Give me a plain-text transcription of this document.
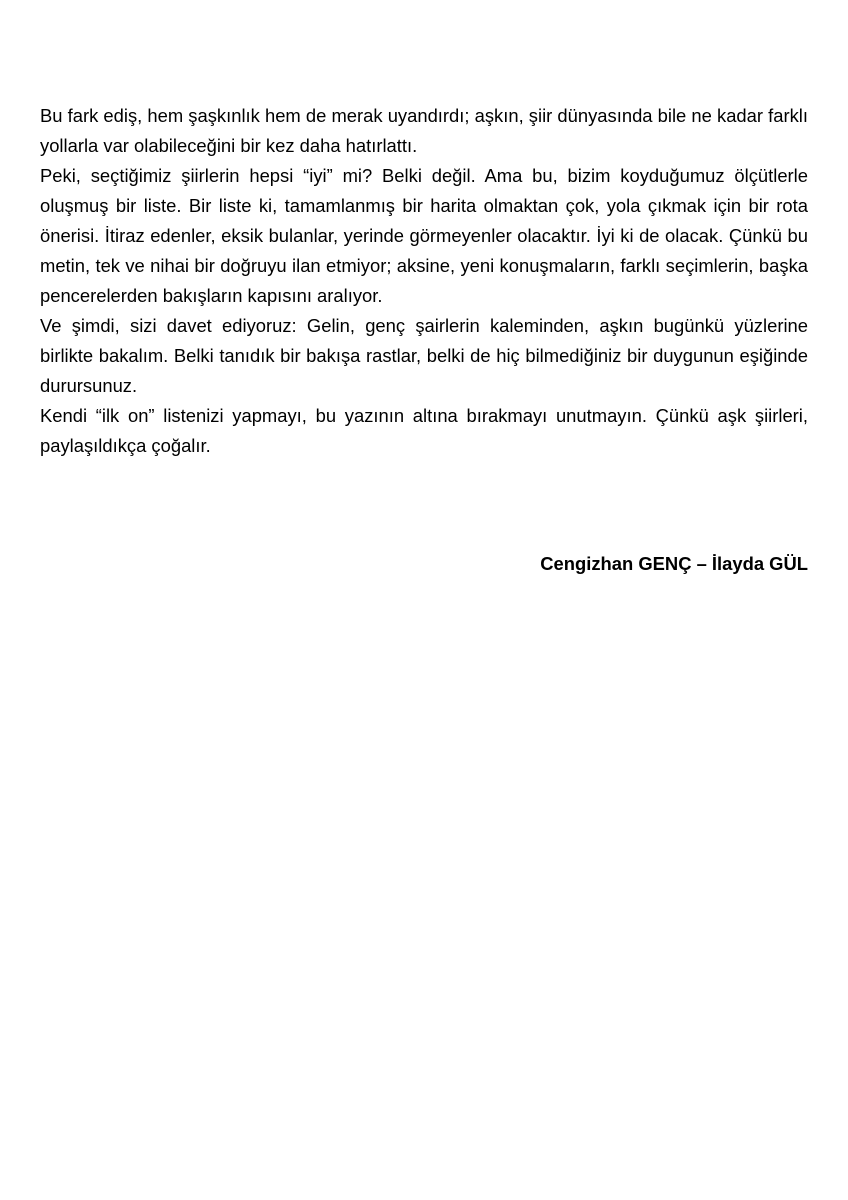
Bu fark ediş, hem şaşkınlık hem de merak uyandırdı; aşkın, şiir dünyasında bile ne kadar farklı yollarla var olabileceğini bir kez daha hatırlattı.

Peki, seçtiğimiz şiirlerin hepsi “iyi” mi? Belki değil. Ama bu, bizim koyduğumuz ölçütlerle oluşmuş bir liste. Bir liste ki, tamamlanmış bir harita olmaktan çok, yola çıkmak için bir rota önerisi. İtiraz edenler, eksik bulanlar, yerinde görmeyenler olacaktır. İyi ki de olacak. Çünkü bu metin, tek ve nihai bir doğruyu ilan etmiyor; aksine, yeni konuşmaların, farklı seçimlerin, başka pencerelerden bakışların kapısını aralıyor.

Ve şimdi, sizi davet ediyoruz: Gelin, genç şairlerin kaleminden, aşkın bugünkü yüzlerine birlikte bakalım. Belki tanıdık bir bakışa rastlar, belki de hiç bilmediğiniz bir duygunun eşiğinde durursunuz.

Kendi “ilk on” listenizi yapmayı, bu yazının altına bırakmayı unutmayın. Çünkü aşk şiirleri, paylaşıldıkça çoğalır.

Cengizhan GENÇ – İlayda GÜL
